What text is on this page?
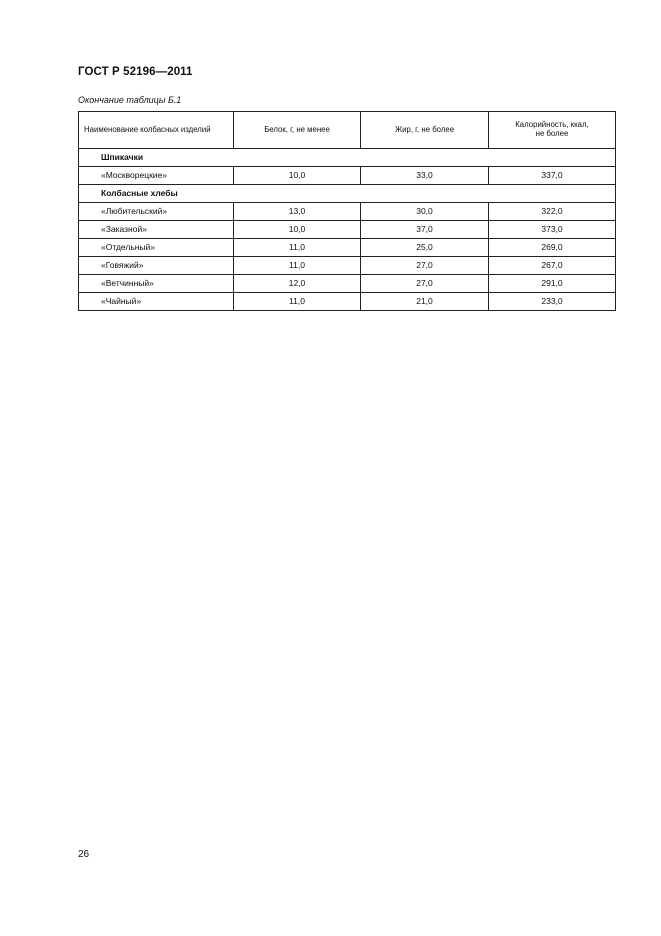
ГОСТ Р 52196—2011
Окончание таблицы Б.1
Наименование колбасных изделий	Белок, г, не менее	Жир, г, не более	Калорийность, ккал,
не более
Шпикачки			
«Москворецкие»	10,0	33,0	337,0
Колбасные хлебы			
«Любительский»	13,0	30,0	322,0
«Заказной»	10,0	37,0	373,0
«Отдельный»	11,0	25,0	269,0
«Говяжий»	11,0	27,0	267,0
«Ветчинный»	12,0	27,0	291,0
«Чайный»	11,0	21,0	233,0
26
